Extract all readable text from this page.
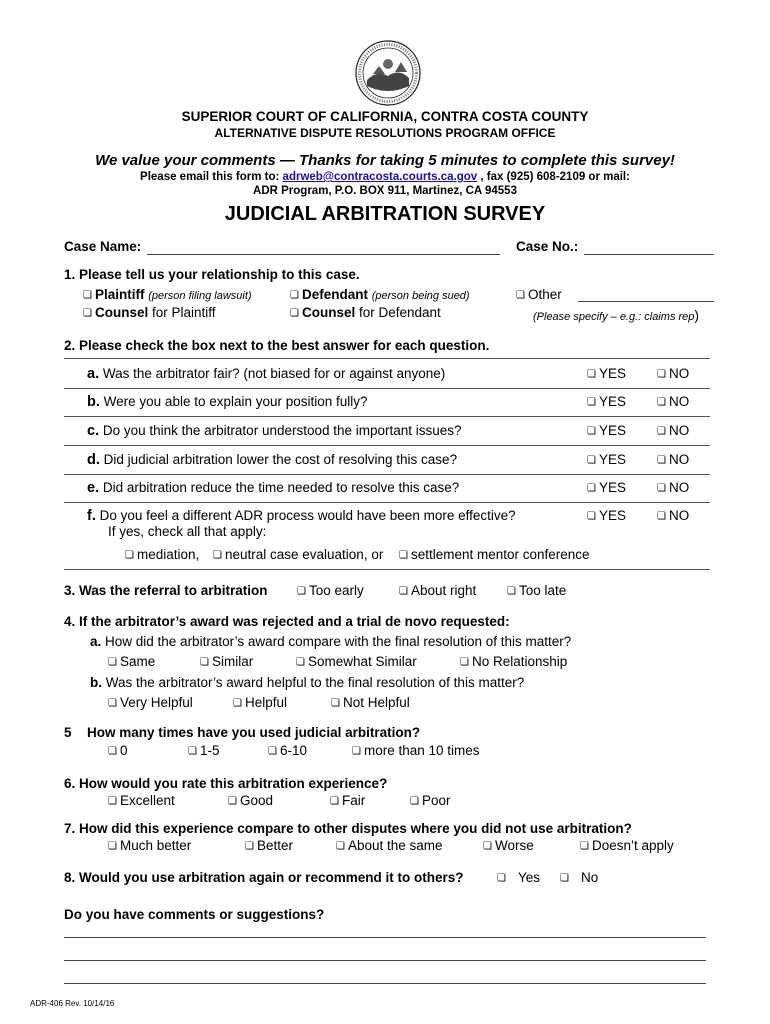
SUPERIOR COURT OF CALIFORNIA, CONTRA COSTA COUNTY
ALTERNATIVE DISPUTE RESOLUTIONS PROGRAM OFFICE
We value your comments — Thanks for taking 5 minutes to complete this survey!
Please email this form to: adrweb@contracosta.courts.ca.gov , fax (925) 608-2109 or mail:
ADR Program, P.O. BOX 911, Martinez, CA 94553
JUDICIAL ARBITRATION SURVEY
Case Name:	Case No.:
1. Please tell us your relationship to this case.
❏ Plaintiff (person filing lawsuit)	❏ Defendant (person being sued)	❏ Other
❏ Counsel for Plaintiff	❏ Counsel for Defendant	(Please specify – e.g.: claims rep)
2. Please check the box next to the best answer for each question.
a. Was the arbitrator fair? (not biased for or against anyone)	❏ YES	❏ NO
b. Were you able to explain your position fully?	❏ YES	❏ NO
c. Do you think the arbitrator understood the important issues?	❏ YES	❏ NO
d. Did judicial arbitration lower the cost of resolving this case?	❏ YES	❏ NO
e. Did arbitration reduce the time needed to resolve this case?	❏ YES	❏ NO
f. Do you feel a different ADR process would have been more effective?	❏ YES	❏ NO
If yes, check all that apply:
❏ mediation, ❏ neutral case evaluation, or ❏ settlement mentor conference
3. Was the referral to arbitration	❏ Too early	❏ About right	❏ Too late
4. If the arbitrator’s award was rejected and a trial de novo requested:
a. How did the arbitrator’s award compare with the final resolution of this matter?
❏ Same	❏ Similar	❏ Somewhat Similar	❏ No Relationship
b. Was the arbitrator’s award helpful to the final resolution of this matter?
❏ Very Helpful	❏ Helpful	❏ Not Helpful
5 How many times have you used judicial arbitration?
❏ 0	❏ 1-5	❏ 6-10	❏ more than 10 times
6. How would you rate this arbitration experience?
❏ Excellent	❏ Good	❏ Fair	❏ Poor
7. How did this experience compare to other disputes where you did not use arbitration?
❏ Much better	❏ Better	❏ About the same	❏ Worse	❏ Doesn’t apply
8. Would you use arbitration again or recommend it to others?	❏ Yes ❏ No
Do you have comments or suggestions?
ADR-406 Rev. 10/14/16
